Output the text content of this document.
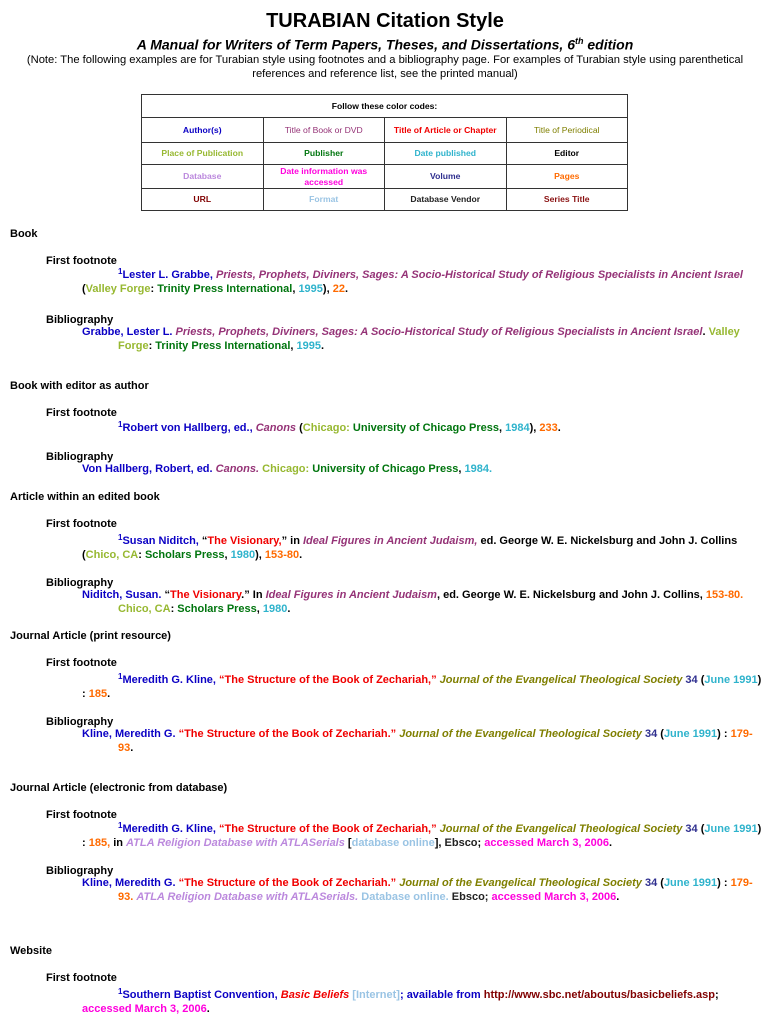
TURABIAN Citation Style
A Manual for Writers of Term Papers, Theses, and Dissertations, 6th edition
(Note: The following examples are for Turabian style using footnotes and a bibliography page. For examples of Turabian style using parenthetical references and reference list, see the printed manual)
Follow these color codes:			
Author(s)	Title of Book or DVD	Title of Article or Chapter	Title of Periodical
Place of Publication	Publisher	Date published	Editor
Database	Date information was accessed	Volume	Pages
URL	Format	Database Vendor	Series Title
Book
First footnote
$^1$Lester L. Grabbe, Priests, Prophets, Diviners, Sages: A Socio-Historical Study of Religious Specialists in Ancient Israel (Valley Forge: Trinity Press International, 1995), 22.
Bibliography
Grabbe, Lester L. Priests, Prophets, Diviners, Sages: A Socio-Historical Study of Religious Specialists in Ancient Israel. Valley Forge: Trinity Press International, 1995.
Book with editor as author
First footnote
$^1$Robert von Hallberg, ed., Canons (Chicago: University of Chicago Press, 1984), 233.
Bibliography
Von Hallberg, Robert, ed. Canons. Chicago: University of Chicago Press, 1984.
Article within an edited book
First footnote
$^1$Susan Niditch, “The Visionary,” in Ideal Figures in Ancient Judaism, ed. George W. E. Nickelsburg and John J. Collins (Chico, CA: Scholars Press, 1980), 153-80.
Bibliography
Niditch, Susan. “The Visionary.” In Ideal Figures in Ancient Judaism, ed. George W. E. Nickelsburg and John J. Collins, 153-80. Chico, CA: Scholars Press, 1980.
Journal Article (print resource)
First footnote
$^1$Meredith G. Kline, “The Structure of the Book of Zechariah,” Journal of the Evangelical Theological Society 34 (June 1991) : 185.
Bibliography
Kline, Meredith G. “The Structure of the Book of Zechariah.” Journal of the Evangelical Theological Society 34 (June 1991) : 179-93.
Journal Article (electronic from database)
First footnote
$^1$Meredith G. Kline, “The Structure of the Book of Zechariah,” Journal of the Evangelical Theological Society 34 (June 1991) : 185, in ATLA Religion Database with ATLASerials [database online], Ebsco; accessed March 3, 2006.
Bibliography
Kline, Meredith G. “The Structure of the Book of Zechariah.” Journal of the Evangelical Theological Society 34 (June 1991) : 179-93. ATLA Religion Database with ATLASerials. Database online. Ebsco; accessed March 3, 2006.
Website
First footnote
$^1$Southern Baptist Convention, Basic Beliefs [Internet]; available from http://www.sbc.net/aboutus/basicbeliefs.asp; accessed March 3, 2006.
